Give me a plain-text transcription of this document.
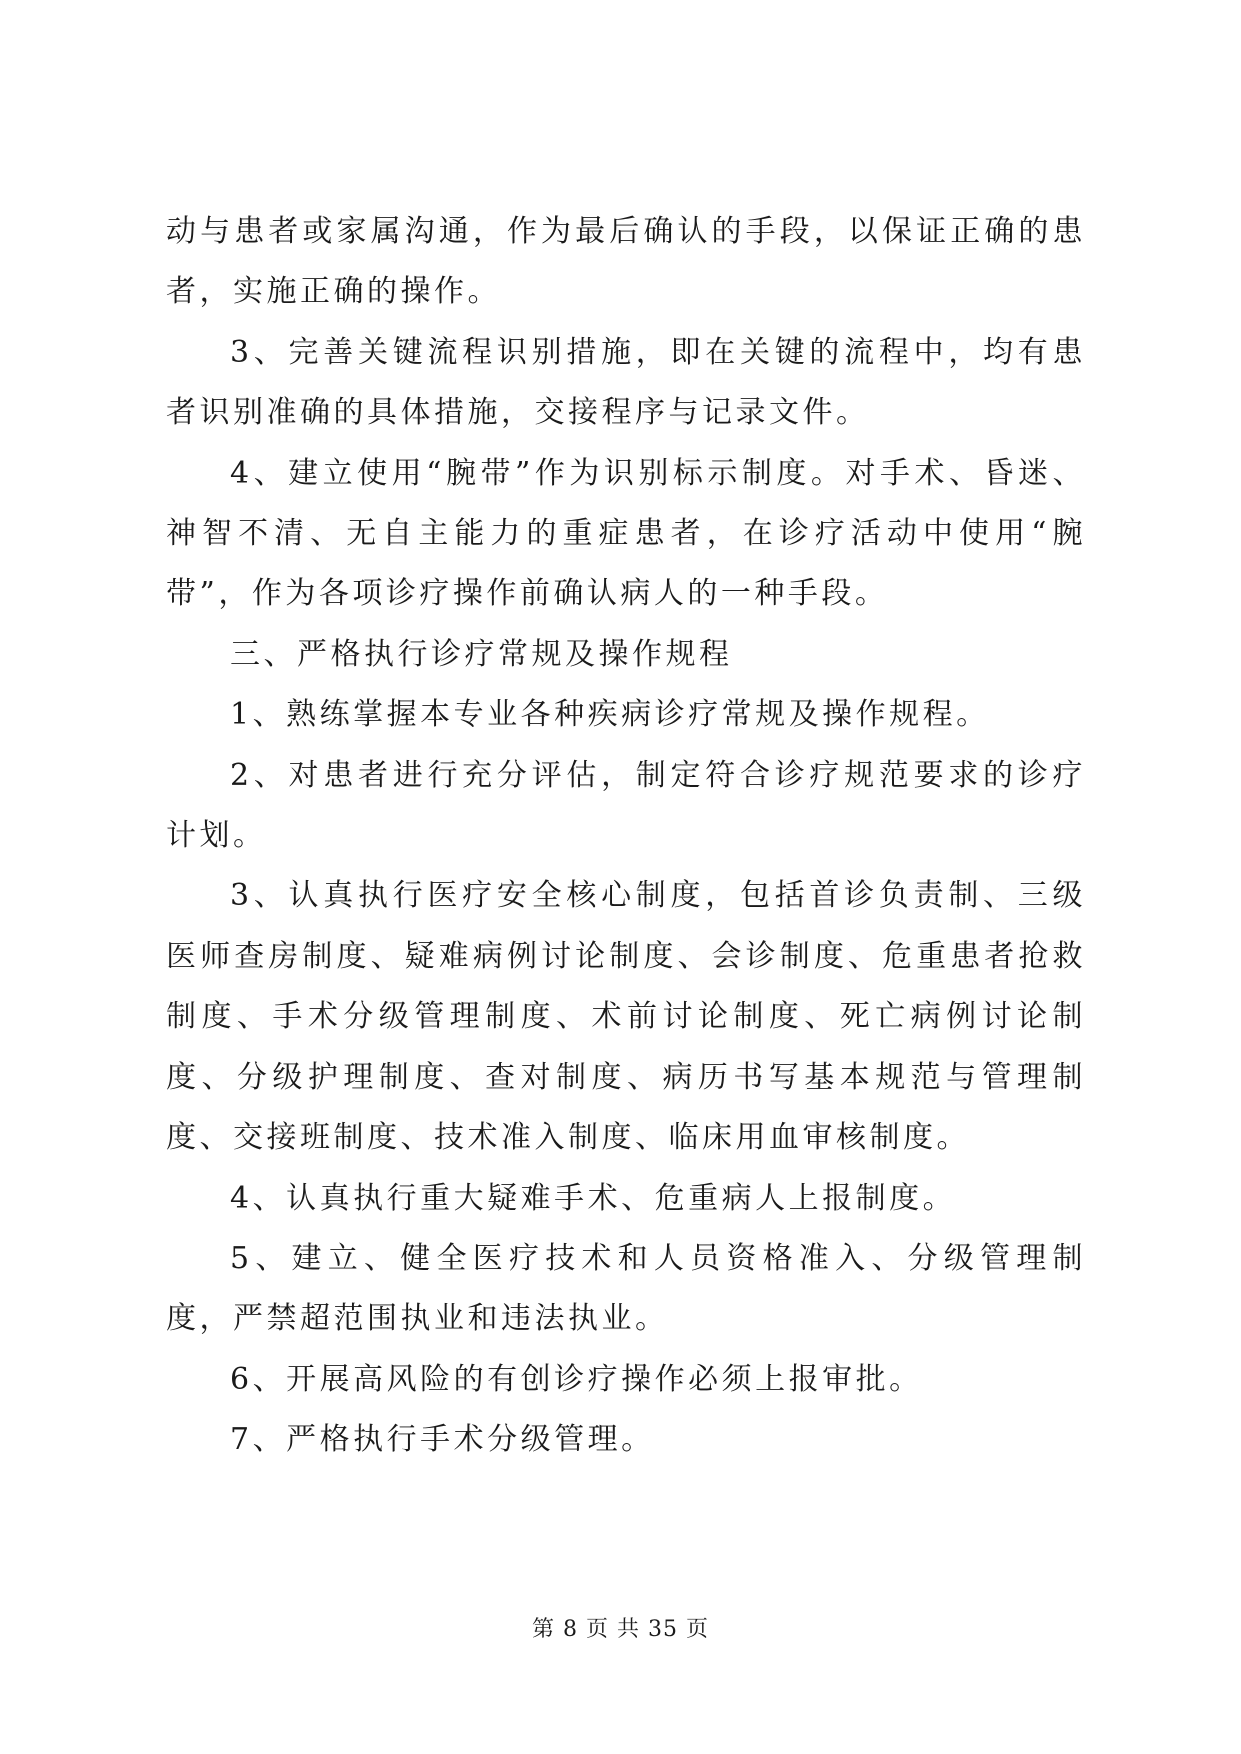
动与患者或家属沟通，作为最后确认的手段，以保证正确的患者，实施正确的操作。

3、完善关键流程识别措施，即在关键的流程中，均有患者识别准确的具体措施，交接程序与记录文件。

4、建立使用“腕带”作为识别标示制度。对手术、昏迷、神智不清、无自主能力的重症患者，在诊疗活动中使用“腕带”，作为各项诊疗操作前确认病人的一种手段。

三、严格执行诊疗常规及操作规程

1、熟练掌握本专业各种疾病诊疗常规及操作规程。

2、对患者进行充分评估，制定符合诊疗规范要求的诊疗计划。

3、认真执行医疗安全核心制度，包括首诊负责制、三级医师查房制度、疑难病例讨论制度、会诊制度、危重患者抢救制度、手术分级管理制度、术前讨论制度、死亡病例讨论制度、分级护理制度、查对制度、病历书写基本规范与管理制度、交接班制度、技术准入制度、临床用血审核制度。

4、认真执行重大疑难手术、危重病人上报制度。

5、建立、健全医疗技术和人员资格准入、分级管理制度，严禁超范围执业和违法执业。

6、开展高风险的有创诊疗操作必须上报审批。

7、严格执行手术分级管理。

第 8 页 共 35 页
